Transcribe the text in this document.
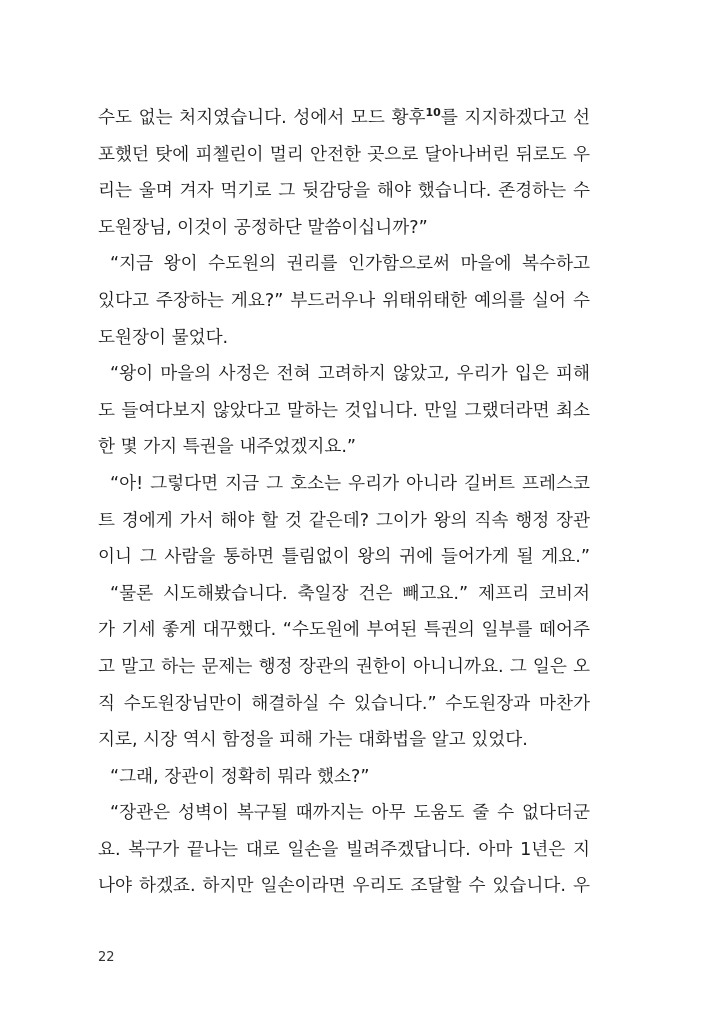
수도 없는 처지였습니다. 성에서 모드 황후$^{10}$를 지지하겠다고 선
포했던 탓에 피첼린이 멀리 안전한 곳으로 달아나버린 뒤로도 우
리는 울며 겨자 먹기로 그 뒷감당을 해야 했습니다. 존경하는 수
도원장님, 이것이 공정하단 말씀이십니까?”
“지금 왕이 수도원의 권리를 인가함으로써 마을에 복수하고
있다고 주장하는 게요?” 부드러우나 위태위태한 예의를 실어 수
도원장이 물었다.
“왕이 마을의 사정은 전혀 고려하지 않았고, 우리가 입은 피해
도 들여다보지 않았다고 말하는 것입니다. 만일 그랬더라면 최소
한 몇 가지 특권을 내주었겠지요.”
“아! 그렇다면 지금 그 호소는 우리가 아니라 길버트 프레스코
트 경에게 가서 해야 할 것 같은데? 그이가 왕의 직속 행정 장관
이니 그 사람을 통하면 틀림없이 왕의 귀에 들어가게 될 게요.”
“물론 시도해봤습니다. 축일장 건은 빼고요.” 제프리 코비저
가 기세 좋게 대꾸했다. “수도원에 부여된 특권의 일부를 떼어주
고 말고 하는 문제는 행정 장관의 권한이 아니니까요. 그 일은 오
직 수도원장님만이 해결하실 수 있습니다.” 수도원장과 마찬가
지로, 시장 역시 함정을 피해 가는 대화법을 알고 있었다.
“그래, 장관이 정확히 뭐라 했소?”
“장관은 성벽이 복구될 때까지는 아무 도움도 줄 수 없다더군
요. 복구가 끝나는 대로 일손을 빌려주겠답니다. 아마 1년은 지
나야 하겠죠. 하지만 일손이라면 우리도 조달할 수 있습니다. 우
22
